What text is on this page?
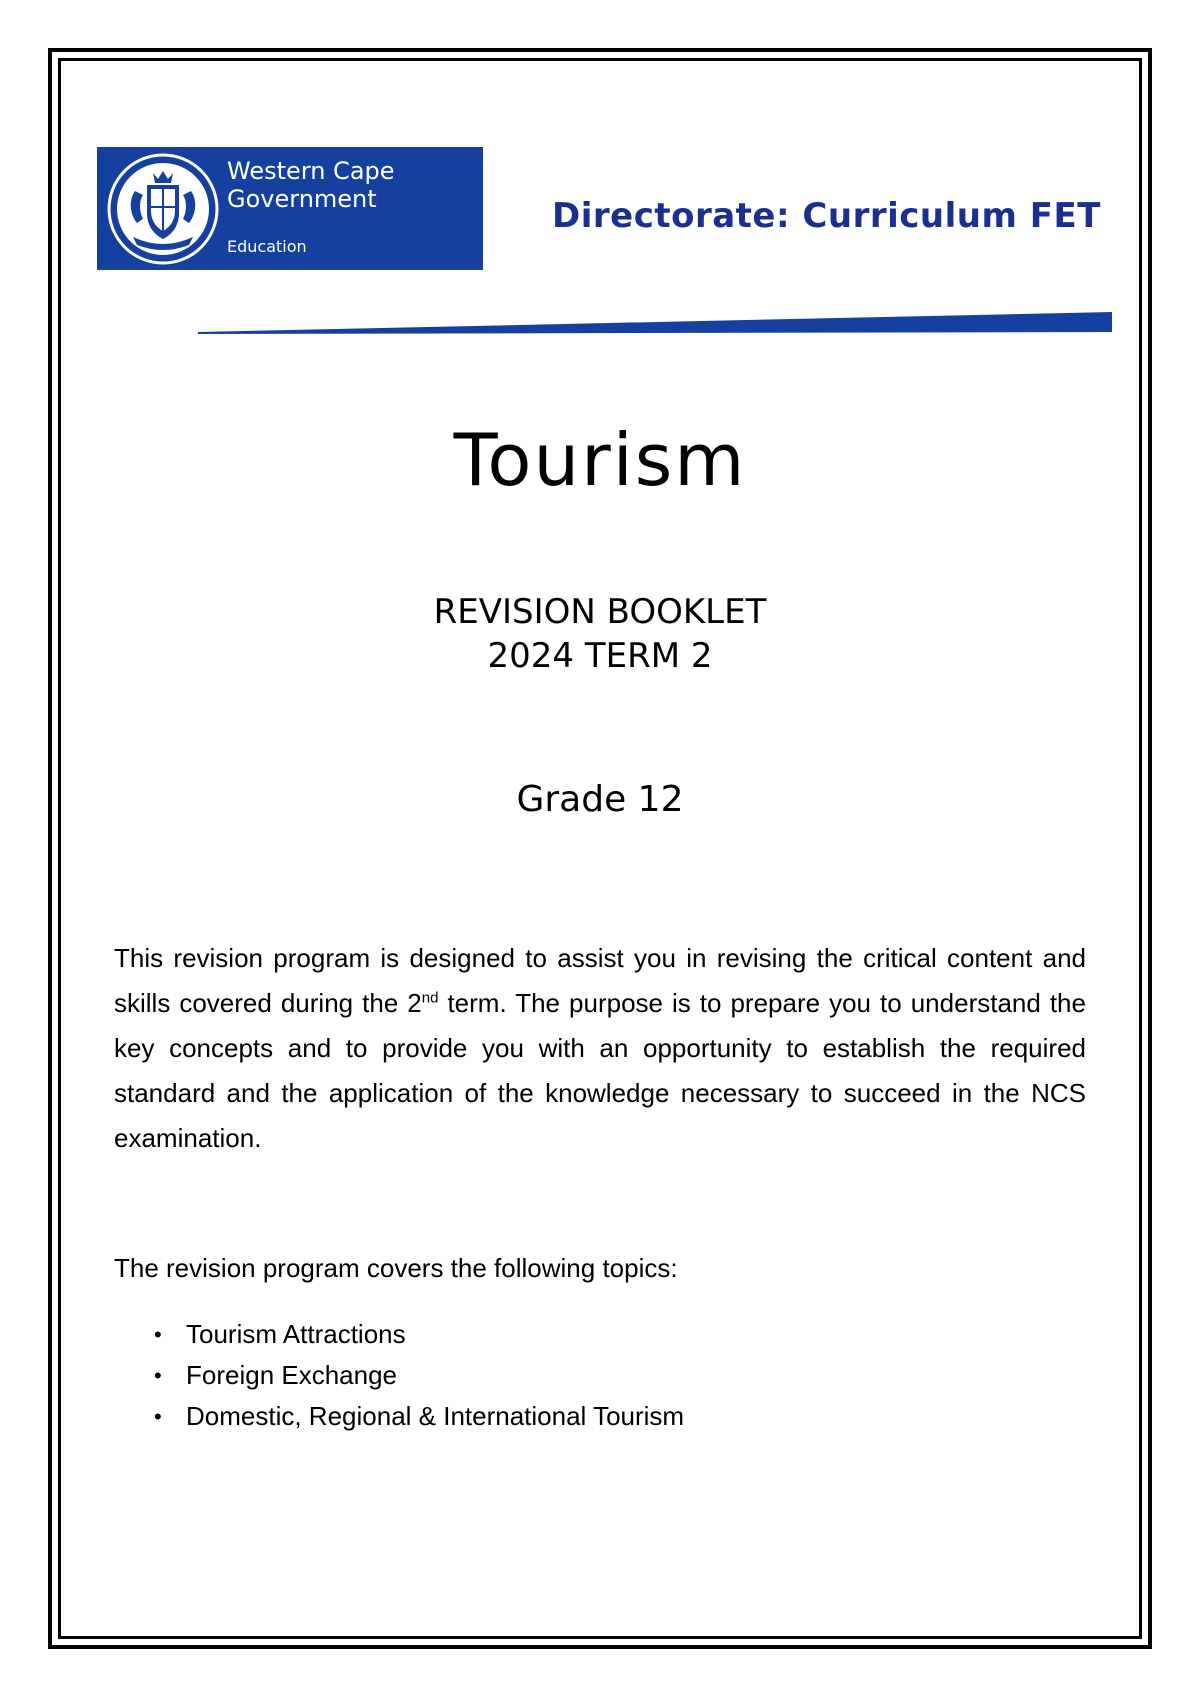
Western Cape
Government
Education
Directorate: Curriculum FET
Tourism
REVISION BOOKLET
2024 TERM 2
Grade 12

This revision program is designed to assist you in revising the critical content and skills covered during the 2nd term. The purpose is to prepare you to understand the key concepts and to provide you with an opportunity to establish the required standard and the application of the knowledge necessary to succeed in the NCS examination.

The revision program covers the following topics:

• Tourism Attractions
• Foreign Exchange
• Domestic, Regional & International Tourism
